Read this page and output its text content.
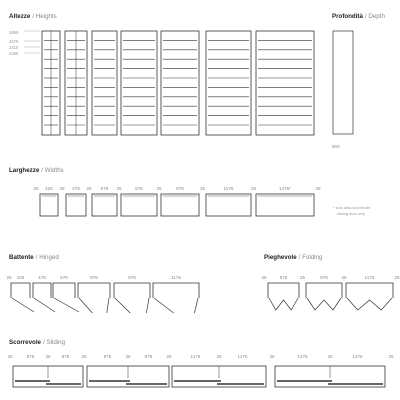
Altezze / Heights
2895
2675
2415
2265
Profondità / Depth
602
Larghezze / Widths
25 426 25 476 25 576 25	876	25	976	25	1176	25	1476*	25
* solo anta scorrevole
sliding door only
Battente / Hinged
25 426	476	576	876	976	1176
Pieghevole / Folding
25	876	25	976	25	1176	25
Scorrevole / Sliding
25	875 25 875	25	975	25	975	25	1175	25	1175	25	1475	25	1475	25
